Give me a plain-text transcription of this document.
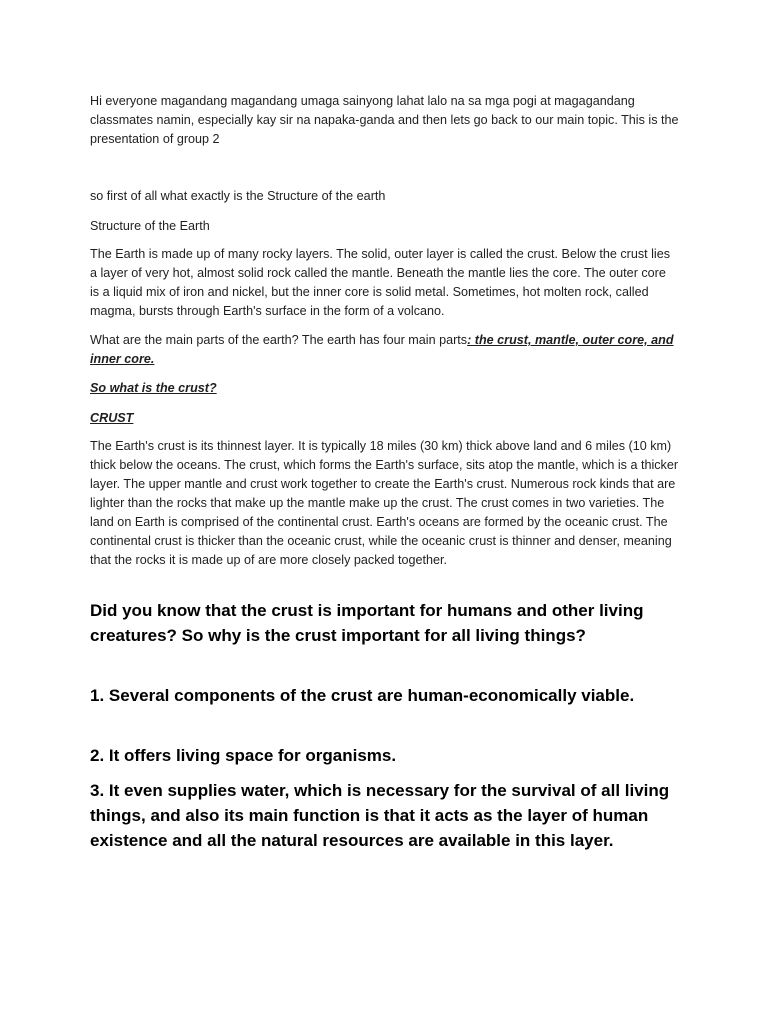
Hi everyone magandang magandang umaga sainyong lahat lalo na sa mga pogi at magagandang classmates namin, especially kay sir na napaka-ganda and then lets go back to our main topic. This is the presentation of group 2

so first of all what exactly is the Structure of the earth

Structure of the Earth

The Earth is made up of many rocky layers. The solid, outer layer is called the crust. Below the crust lies a layer of very hot, almost solid rock called the mantle. Beneath the mantle lies the core. The outer core is a liquid mix of iron and nickel, but the inner core is solid metal. Sometimes, hot molten rock, called magma, bursts through Earth's surface in the form of a volcano.

What are the main parts of the earth? The earth has four main parts: the crust, mantle, outer core, and inner core.

So what is the crust?

CRUST

The Earth's crust is its thinnest layer. It is typically 18 miles (30 km) thick above land and 6 miles (10 km) thick below the oceans. The crust, which forms the Earth's surface, sits atop the mantle, which is a thicker layer. The upper mantle and crust work together to create the Earth's crust. Numerous rock kinds that are lighter than the rocks that make up the mantle make up the crust. The crust comes in two varieties. The land on Earth is comprised of the continental crust. Earth's oceans are formed by the oceanic crust. The continental crust is thicker than the oceanic crust, while the oceanic crust is thinner and denser, meaning that the rocks it is made up of are more closely packed together.

Did you know that the crust is important for humans and other living creatures? So why is the crust important for all living things?

1. Several components of the crust are human-economically viable.

2. It offers living space for organisms.

3. It even supplies water, which is necessary for the survival of all living things, and also its main function is that it acts as the layer of human existence and all the natural resources are available in this layer.
